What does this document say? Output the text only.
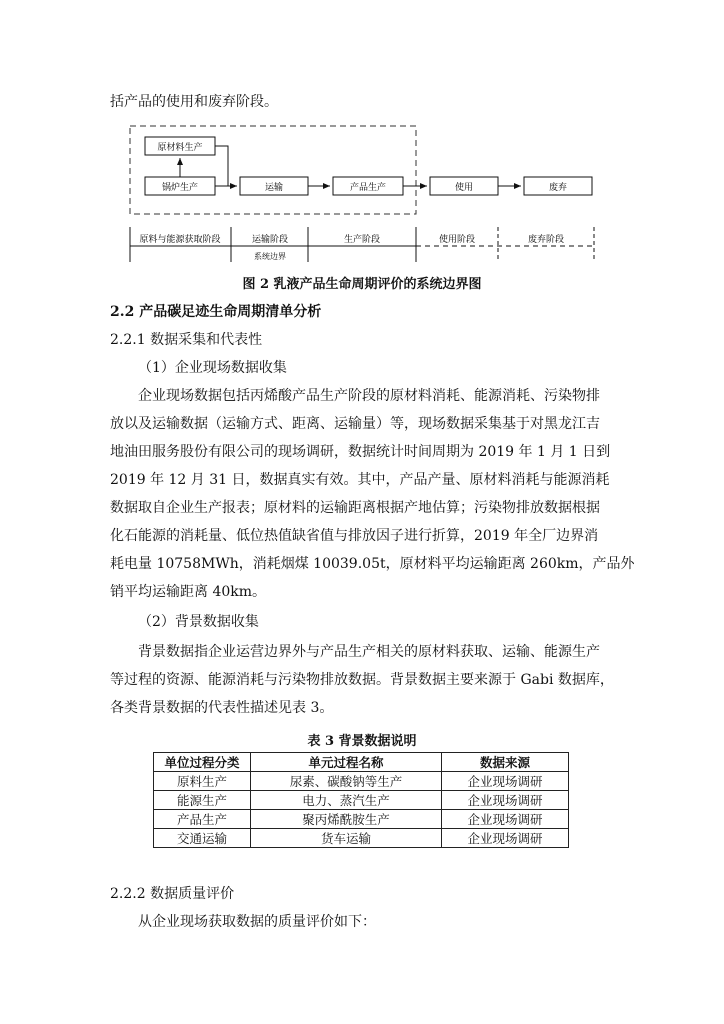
括产品的使用和废弃阶段。
原材料生产
锅炉生产	运输	产品生产	使用	废弃
原料与能源获取阶段	运输阶段	生产阶段	使用阶段	废弃阶段
系统边界
图 2 乳液产品生命周期评价的系统边界图
2.2 产品碳足迹生命周期清单分析
2.2.1 数据采集和代表性
（1）企业现场数据收集
企业现场数据包括丙烯酸产品生产阶段的原材料消耗、能源消耗、污染物排
放以及运输数据（运输方式、距离、运输量）等，现场数据采集基于对黑龙江吉
地油田服务股份有限公司的现场调研，数据统计时间周期为 2019 年 1 月 1 日到
2019 年 12 月 31 日，数据真实有效。其中，产品产量、原材料消耗与能源消耗
数据取自企业生产报表；原材料的运输距离根据产地估算；污染物排放数据根据
化石能源的消耗量、低位热值缺省值与排放因子进行折算，2019 年全厂边界消
耗电量 10758MWh，消耗烟煤 10039.05t，原材料平均运输距离 260km，产品外
销平均运输距离 40km。
（2）背景数据收集
背景数据指企业运营边界外与产品生产相关的原材料获取、运输、能源生产
等过程的资源、能源消耗与污染物排放数据。背景数据主要来源于 Gabi 数据库，
各类背景数据的代表性描述见表 3。
表 3 背景数据说明
单位过程分类	单元过程名称	数据来源
原料生产	尿素、碳酸钠等生产	企业现场调研
能源生产	电力、蒸汽生产	企业现场调研
产品生产	聚丙烯酰胺生产	企业现场调研
交通运输	货车运输	企业现场调研
2.2.2 数据质量评价
从企业现场获取数据的质量评价如下：
